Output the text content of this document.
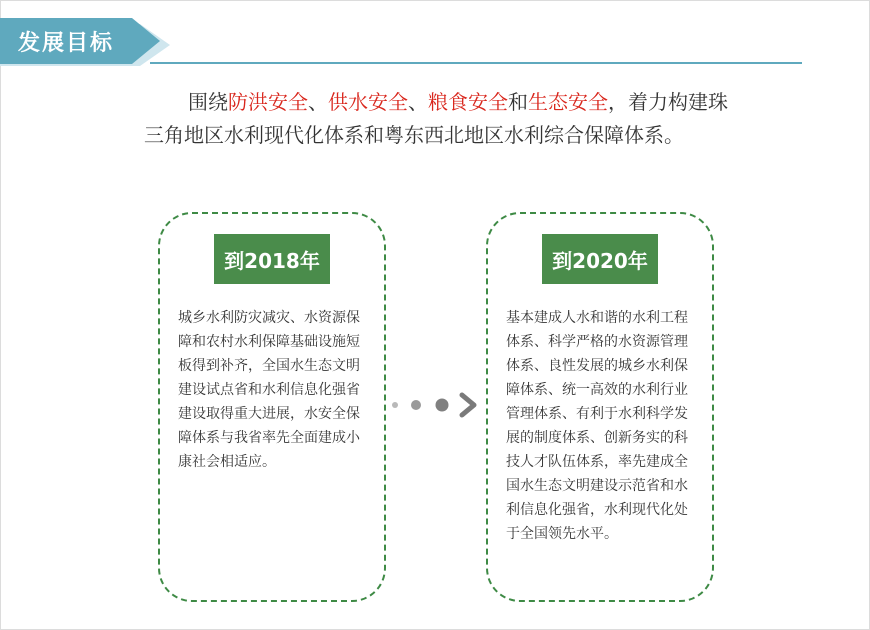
发展目标
围绕防洪安全、供水安全、粮食安全和生态安全，着力构建珠三角地区水利现代化体系和粤东西北地区水利综合保障体系。
到2018年
城乡水利防灾减灾、水资源保障和农村水利保障基础设施短板得到补齐，全国水生态文明建设试点省和水利信息化强省建设取得重大进展，水安全保障体系与我省率先全面建成小康社会相适应。
到2020年
基本建成人水和谐的水利工程体系、科学严格的水资源管理体系、良性发展的城乡水利保障体系、统一高效的水利行业管理体系、有利于水利科学发展的制度体系、创新务实的科技人才队伍体系，率先建成全国水生态文明建设示范省和水利信息化强省，水利现代化处于全国领先水平。
